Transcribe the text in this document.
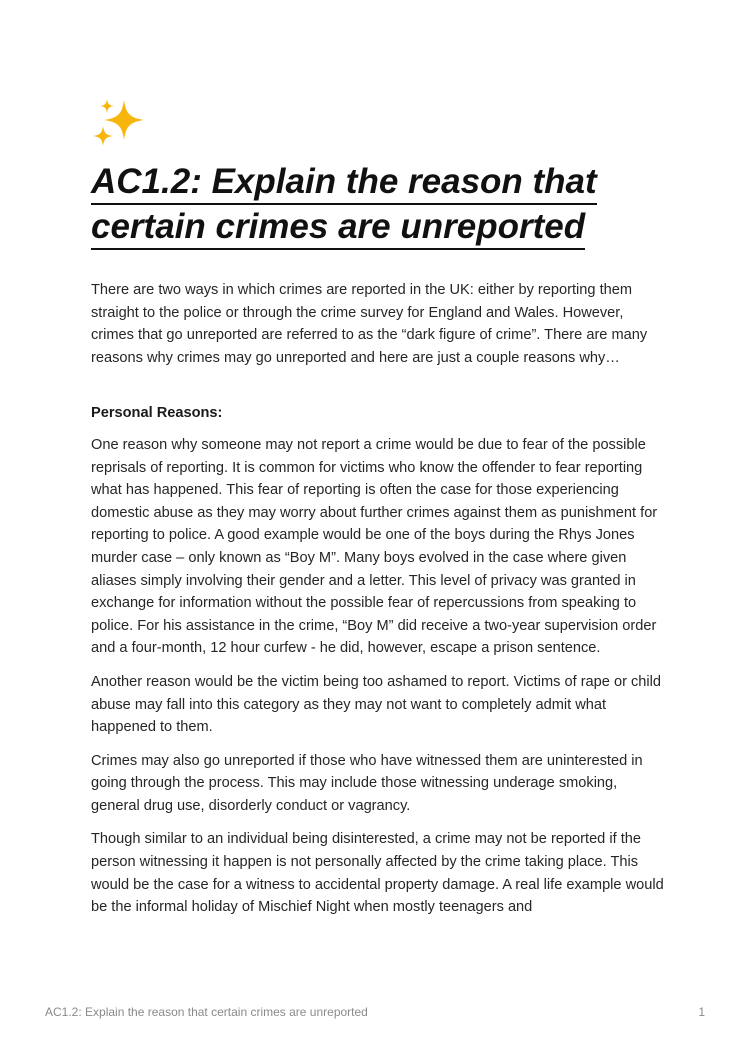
AC1.2: Explain the reason that
certain crimes are unreported

There are two ways in which crimes are reported in the UK: either by reporting them straight to the police or through the crime survey for England and Wales. However, crimes that go unreported are referred to as the “dark figure of crime”. There are many reasons why crimes may go unreported and here are just a couple reasons why…

Personal Reasons:

One reason why someone may not report a crime would be due to fear of the possible reprisals of reporting. It is common for victims who know the offender to fear reporting what has happened. This fear of reporting is often the case for those experiencing domestic abuse as they may worry about further crimes against them as punishment for reporting to police. A good example would be one of the boys during the Rhys Jones murder case – only known as “Boy M”. Many boys evolved in the case where given aliases simply involving their gender and a letter. This level of privacy was granted in exchange for information without the possible fear of repercussions from speaking to police. For his assistance in the crime, “Boy M” did receive a two-year supervision order and a four-month, 12 hour curfew - he did, however, escape a prison sentence.

Another reason would be the victim being too ashamed to report. Victims of rape or child abuse may fall into this category as they may not want to completely admit what happened to them.

Crimes may also go unreported if those who have witnessed them are uninterested in going through the process. This may include those witnessing underage smoking, general drug use, disorderly conduct or vagrancy.

Though similar to an individual being disinterested, a crime may not be reported if the person witnessing it happen is not personally affected by the crime taking place. This would be the case for a witness to accidental property damage. A real life example would be the informal holiday of Mischief Night when mostly teenagers and

AC1.2: Explain the reason that certain crimes are unreported	1
